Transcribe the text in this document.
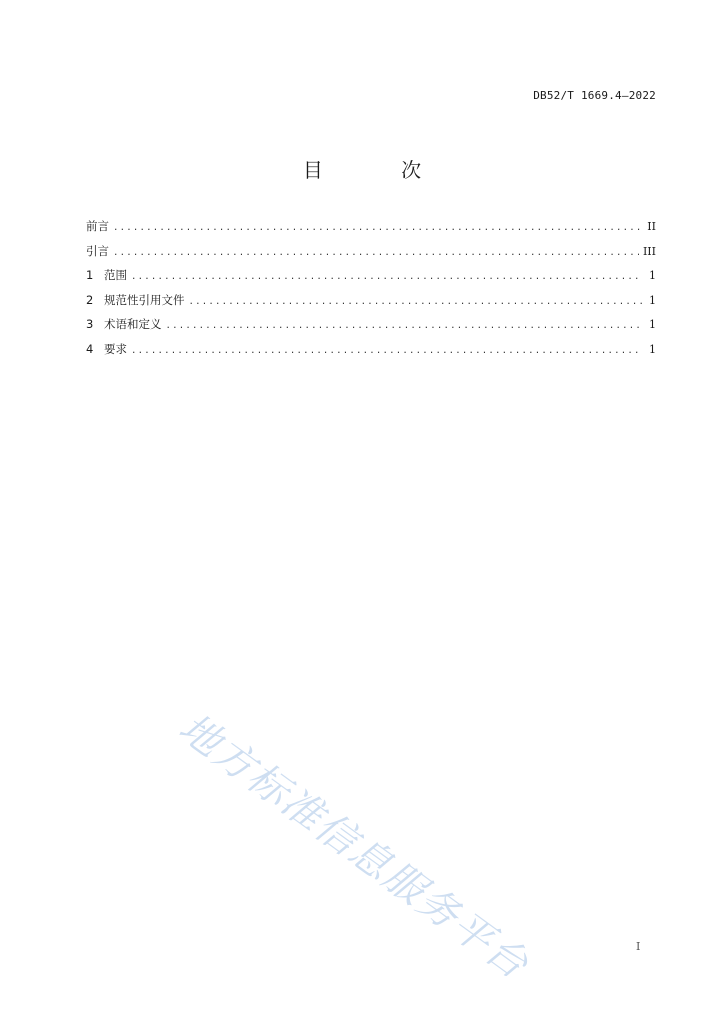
DB52/T 1669.4—2022
目 次
前言 .....	II
引言 .....	III
1 范围 .....	1
2 规范性引用文件 .....	1
3 术语和定义 .....	1
4 要求 .....	1
地方标准信息服务平台	I
